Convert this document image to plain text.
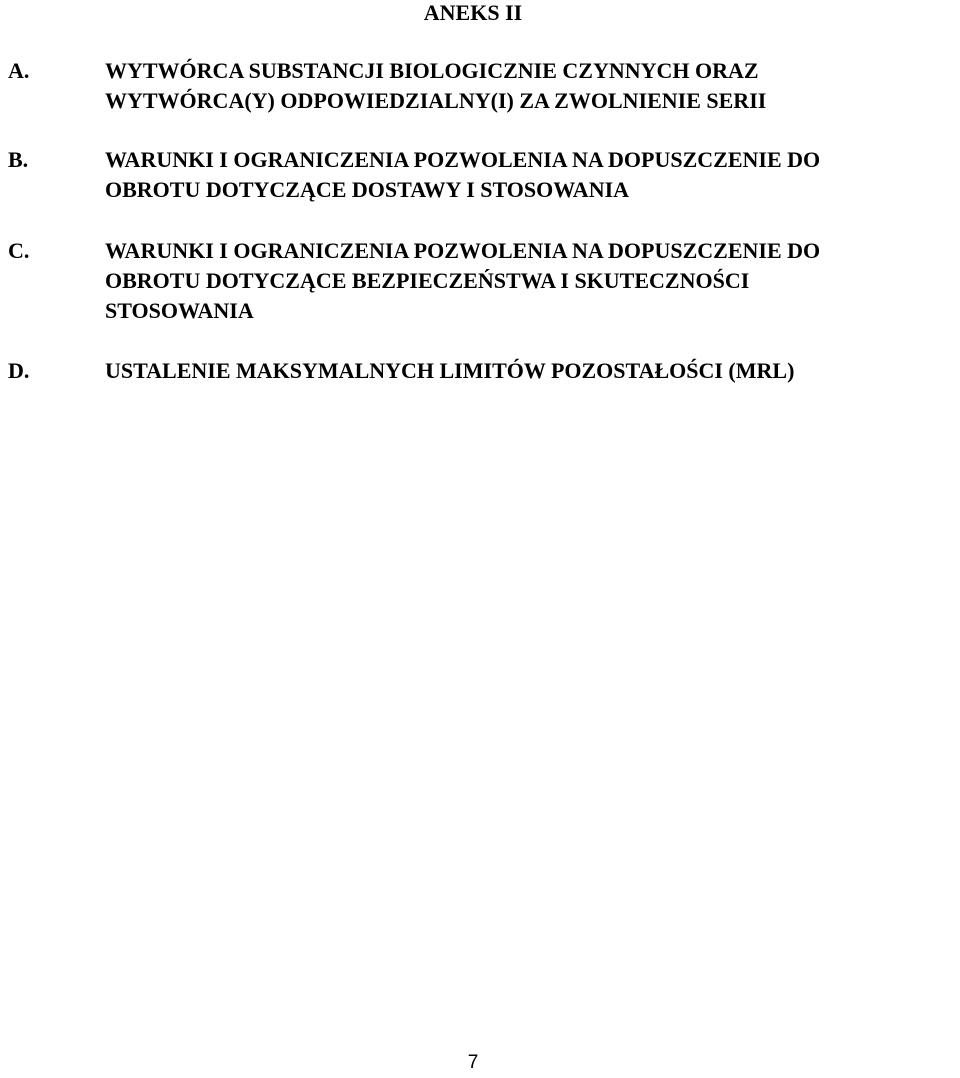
ANEKS II
A.	WYTWÓRCA SUBSTANCJI BIOLOGICZNIE CZYNNYCH ORAZ
WYTWÓRCA(Y) ODPOWIEDZIALNY(I) ZA ZWOLNIENIE SERII
B.	WARUNKI I OGRANICZENIA POZWOLENIA NA DOPUSZCZENIE DO
OBROTU DOTYCZĄCE DOSTAWY I STOSOWANIA
C.	WARUNKI I OGRANICZENIA POZWOLENIA NA DOPUSZCZENIE DO
OBROTU DOTYCZĄCE BEZPIECZEŃSTWA I SKUTECZNOŚCI
STOSOWANIA
D.	USTALENIE MAKSYMALNYCH LIMITÓW POZOSTAŁOŚCI (MRL)
7
